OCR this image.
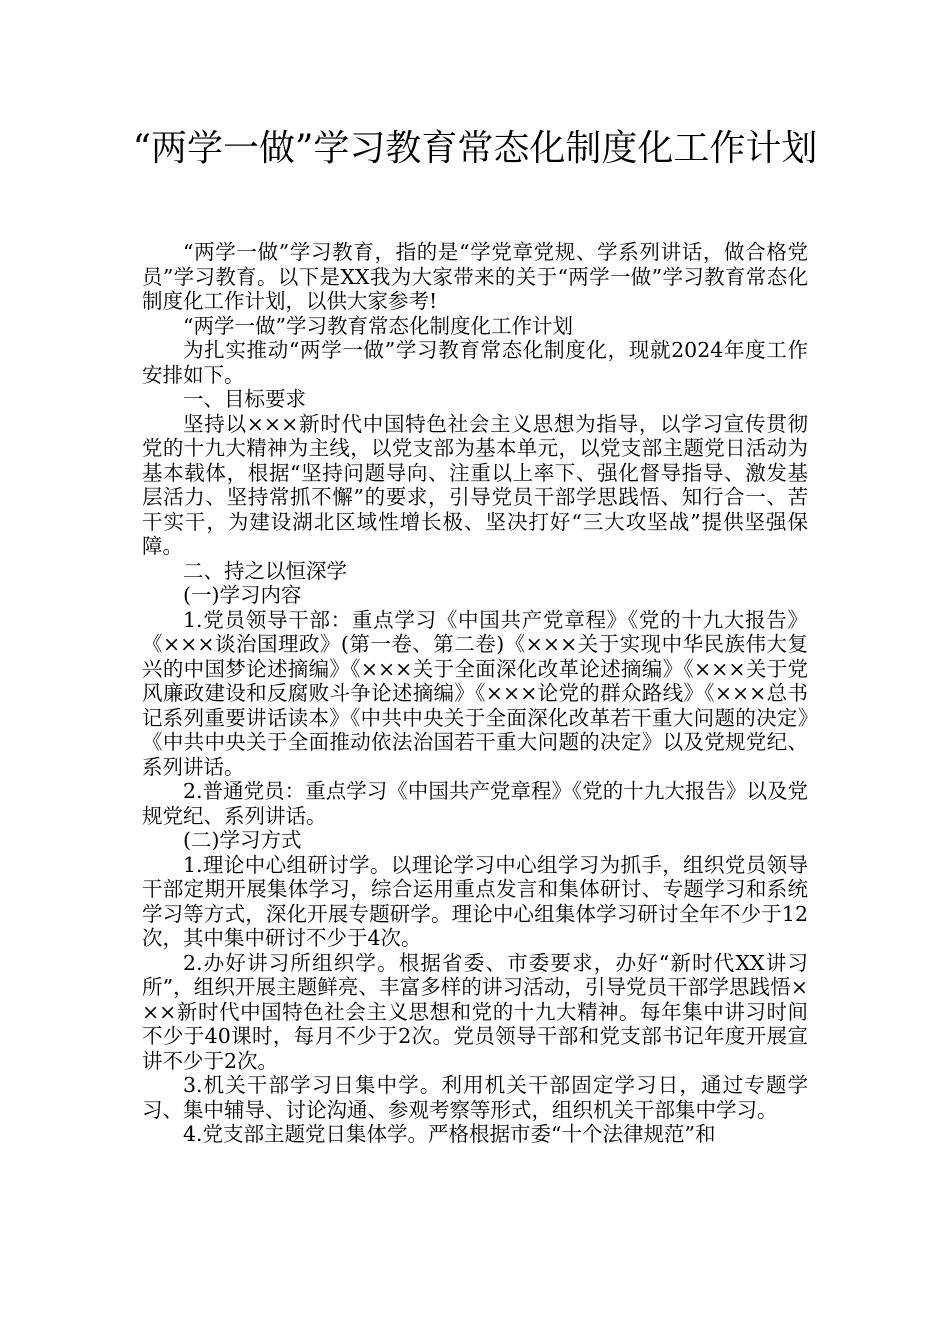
“两学一做”学习教育常态化制度化工作计划

“两学一做”学习教育，指的是“学党章党规、学系列讲话，做合格党员”学习教育。以下是XX我为大家带来的关于“两学一做”学习教育常态化制度化工作计划，以供大家参考!

“两学一做”学习教育常态化制度化工作计划

为扎实推动“两学一做”学习教育常态化制度化，现就2024年度工作安排如下。

一、目标要求

坚持以×××新时代中国特色社会主义思想为指导，以学习宣传贯彻党的十九大精神为主线，以党支部为基本单元，以党支部主题党日活动为基本载体，根据“坚持问题导向、注重以上率下、强化督导指导、激发基层活力、坚持常抓不懈”的要求，引导党员干部学思践悟、知行合一、苦干实干，为建设湖北区域性增长极、坚决打好“三大攻坚战”提供坚强保障。

二、持之以恒深学

(一)学习内容

1.党员领导干部：重点学习《中国共产党章程》《党的十九大报告》《×××谈治国理政》(第一卷、第二卷)《×××关于实现中华民族伟大复兴的中国梦论述摘编》《×××关于全面深化改革论述摘编》《×××关于党风廉政建设和反腐败斗争论述摘编》《×××论党的群众路线》《×××总书记系列重要讲话读本》《中共中央关于全面深化改革若干重大问题的决定》《中共中央关于全面推动依法治国若干重大问题的决定》以及党规党纪、系列讲话。

2.普通党员：重点学习《中国共产党章程》《党的十九大报告》以及党规党纪、系列讲话。

(二)学习方式

1.理论中心组研讨学。以理论学习中心组学习为抓手，组织党员领导干部定期开展集体学习，综合运用重点发言和集体研讨、专题学习和系统学习等方式，深化开展专题研学。理论中心组集体学习研讨全年不少于12次，其中集中研讨不少于4次。

2.办好讲习所组织学。根据省委、市委要求，办好“新时代XX讲习所”，组织开展主题鲜亮、丰富多样的讲习活动，引导党员干部学思践悟×××新时代中国特色社会主义思想和党的十九大精神。每年集中讲习时间不少于40课时，每月不少于2次。党员领导干部和党支部书记年度开展宣讲不少于2次。

3.机关干部学习日集中学。利用机关干部固定学习日，通过专题学习、集中辅导、讨论沟通、参观考察等形式，组织机关干部集中学习。

4.党支部主题党日集体学。严格根据市委“十个法律规范”和
